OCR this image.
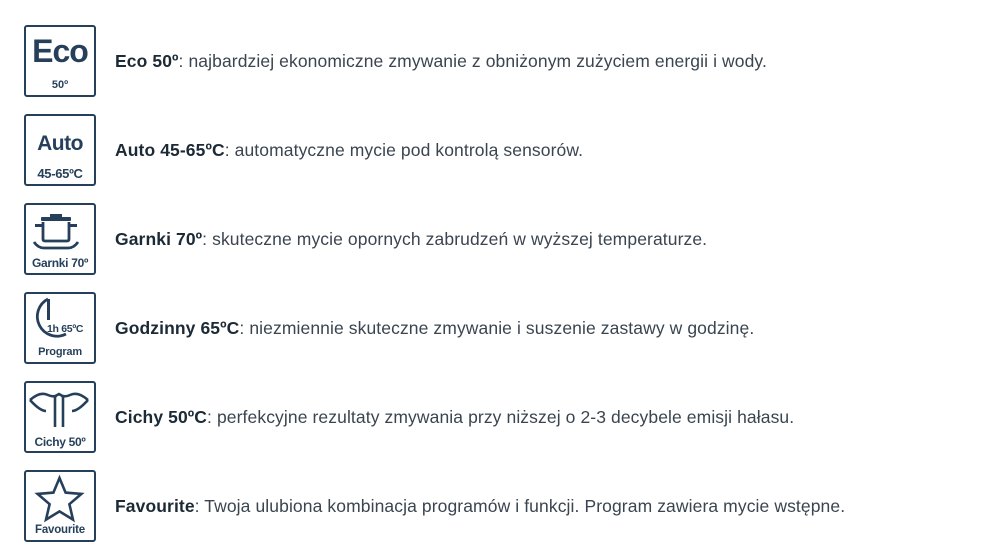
Eco
50º
Eco 50º: najbardziej ekonomiczne zmywanie z obniżonym zużyciem energii i wody.
Auto
45-65ºC
Auto 45-65ºC: automatyczne mycie pod kontrolą sensorów.
Garnki 70º
Garnki 70º: skuteczne mycie opornych zabrudzeń w wyższej temperaturze.
1h 65ºC
Program
Godzinny 65ºC: niezmiennie skuteczne zmywanie i suszenie zastawy w godzinę.
Cichy 50º
Cichy 50ºC: perfekcyjne rezultaty zmywania przy niższej o 2-3 decybele emisji hałasu.
Favourite
Favourite: Twoja ulubiona kombinacja programów i funkcji. Program zawiera mycie wstępne.
